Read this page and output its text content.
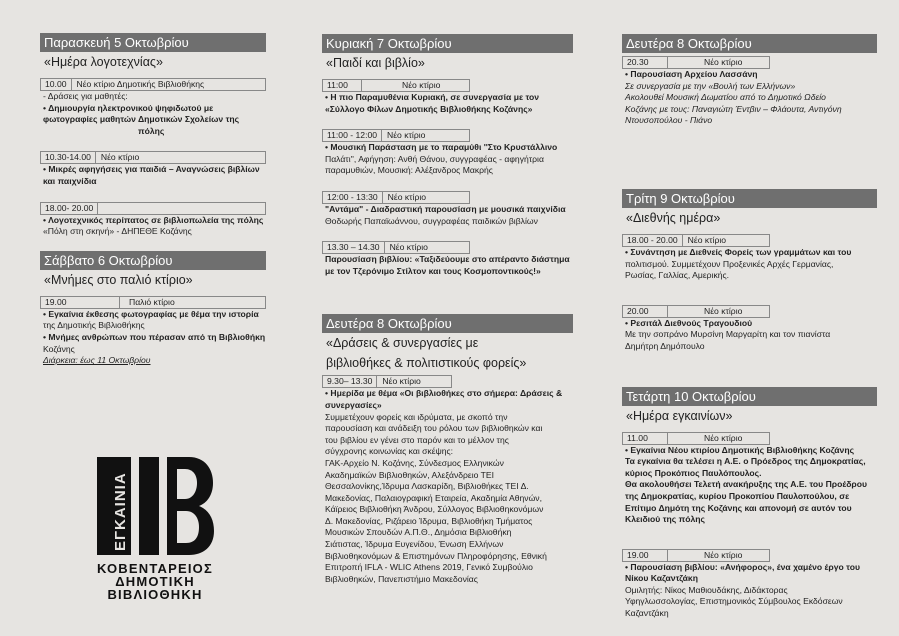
Παρασκευή 5 Οκτωβρίου
«Ημέρα λογοτεχνίας»
10.00	Νέο κτίριο Δημοτικής Βιβλιοθήκης
- Δράσεις για μαθητές:
• Δημιουργία ηλεκτρονικού ψηφιδωτού με
φωτογραφίες μαθητών Δημοτικών Σχολείων της
πόλης
10.30-14.00	Νέο κτίριο
• Μικρές αφηγήσεις για παιδιά – Αναγνώσεις βιβλίων
και παιχνίδια
18.00- 20.00
• Λογοτεχνικός περίπατος σε βιβλιοπωλεία της πόλης
«Πόλη στη σκηνή» - ΔΗΠΕΘΕ Κοζάνης
Σάββατο 6 Οκτωβρίου
«Μνήμες στο παλιό κτίριο»
19.00	Παλιό κτίριο
• Εγκαίνια έκθεσης φωτογραφίας με θέμα την ιστορία
της Δημοτικής Βιβλιοθήκης
• Μνήμες ανθρώπων που πέρασαν από τη Βιβλιοθήκη
Κοζάνης
Διάρκεια: έως 11 Οκτωβρίου
ΕΓΚΑΙΝΙΑ
ΚΟΒΕΝΤΑΡΕΙΟΣ
ΔΗΜΟΤΙΚΗ
ΒΙΒΛΙΟΘΗΚΗ
Κυριακή 7 Οκτωβρίου
«Παιδί και βιβλίο»
11:00	Νέο κτίριο
• Η πιο Παραμυθένια Κυριακή, σε συνεργασία με τον
«Σύλλογο Φίλων Δημοτικής Βιβλιοθήκης Κοζάνης»
11:00 - 12:00	Νέο κτίριο
• Μουσική Παράσταση με το παραμύθι ''Στο Κρυστάλλινο
Παλάτι'', Αφήγηση: Ανθή Θάνου, συγγραφέας - αφηγήτρια
παραμυθιών, Μουσική: Αλέξανδρος Μακρής
12:00 - 13:30	Νέο κτίριο
"Αντάμα" - Διαδραστική παρουσίαση με μουσικά παιχνίδια
Θοδωρής Παπαϊωάννου, συγγραφέας παιδικών βιβλίων
13.30 – 14.30	Νέο κτίριο
Παρουσίαση βιβλίου: «Ταξιδεύουμε στο απέραντο διάστημα
με τον Τζερόνιμο Στίλτον και τους Κοσμοποντικούς!»
Δευτέρα 8 Οκτωβρίου
«Δράσεις & συνεργασίες με
βιβλιοθήκες & πολιτιστικούς φορείς»
9.30– 13.30	Νέο κτίριο
• Ημερίδα με θέμα «Οι βιβλιοθήκες στο σήμερα: Δράσεις &
συνεργασίες»
Συμμετέχουν φορείς και ιδρύματα, με σκοπό την
παρουσίαση και ανάδειξη του ρόλου των βιβλιοθηκών και
του βιβλίου εν γένει στο παρόν και το μέλλον της
σύγχρονης κοινωνίας και σκέψης:
ΓΑΚ-Αρχείο Ν. Κοζάνης, Σύνδεσμος Ελληνικών
Ακαδημαϊκών Βιβλιοθηκών, Αλεξάνδρειο ΤΕΙ
Θεσσαλονίκης,Ίδρυμα Λασκαρίδη, Βιβλιοθήκες ΤΕΙ Δ.
Μακεδονίας, Παλαιογραφική Εταιρεία, Ακαδημία Αθηνών,
Κάϊρειος Βιβλιοθήκη Άνδρου, Σύλλογος Βιβλιοθηκονόμων
Δ. Μακεδονίας, Ριζάρειο Ίδρυμα, Βιβλιοθήκη Τμήματος
Μουσικών Σπουδών Α.Π.Θ., Δημόσια Βιβλιοθήκη
Σιάτιστας, Ίδρυμα Ευγενίδου, Ένωση Ελλήνων
Βιβλιοθηκονόμων & Επιστημόνων Πληροφόρησης, Εθνική
Επιτροπή IFLA - WLIC Athens 2019, Γενικό Συμβούλιο
Βιβλιοθηκών, Πανεπιστήμιο Μακεδονίας
Δευτέρα 8 Οκτωβρίου
20.30	Νέο κτίριο
• Παρουσίαση Αρχείου Λασσάνη
Σε συνεργασία με την «Βουλή των Ελλήνων»
Ακολουθεί Μουσική Δωματίου από το Δημοτικό Ωδείο
Κοζάνης με τους: Παναγιώτη Έντβιν – Φλάουτα, Αντιγόνη
Ντουσοπούλου - Πιάνο
Τρίτη 9 Οκτωβρίου
«Διεθνής ημέρα»
18.00 - 20.00	Νέο κτίριο
• Συνάντηση με Διεθνείς Φορείς των γραμμάτων και του
πολιτισμού. Συμμετέχουν Προξενικές Αρχές Γερμανίας,
Ρωσίας, Γαλλίας, Αμερικής.
20.00	Νέο κτίριο
• Ρεσιτάλ Διεθνούς Τραγουδιού
Με την σοπράνο Μυρσίνη Μαργαρίτη και τον πιανίστα
Δημήτρη Δημόπουλο
Τετάρτη 10 Οκτωβρίου
«Ημέρα εγκαινίων»
11.00	Νέο κτίριο
• Εγκαίνια Νέου κτιρίου Δημοτικής Βιβλιοθήκης Κοζάνης
Τα εγκαίνια θα τελέσει η Α.Ε. ο Πρόεδρος της Δημοκρατίας,
κύριος Προκόπιος Παυλόπουλος.
Θα ακολουθήσει Τελετή ανακήρυξης της Α.Ε. του Προέδρου
της Δημοκρατίας, κυρίου Προκοπίου Παυλοπούλου, σε
Επίτιμο Δημότη της Κοζάνης και απονομή σε αυτόν του
Κλειδιού της πόλης
19.00	Νέο κτίριο
• Παρουσίαση βιβλίου: «Ανήφορος», ένα χαμένο έργο του
Νίκου Καζαντζάκη
Ομιλητής: Νίκος Μαθιουδάκης, Διδάκτορας
Υφηγλωσσολογίας, Επιστημονικός Σύμβουλος Εκδόσεων
Καζαντζάκη
